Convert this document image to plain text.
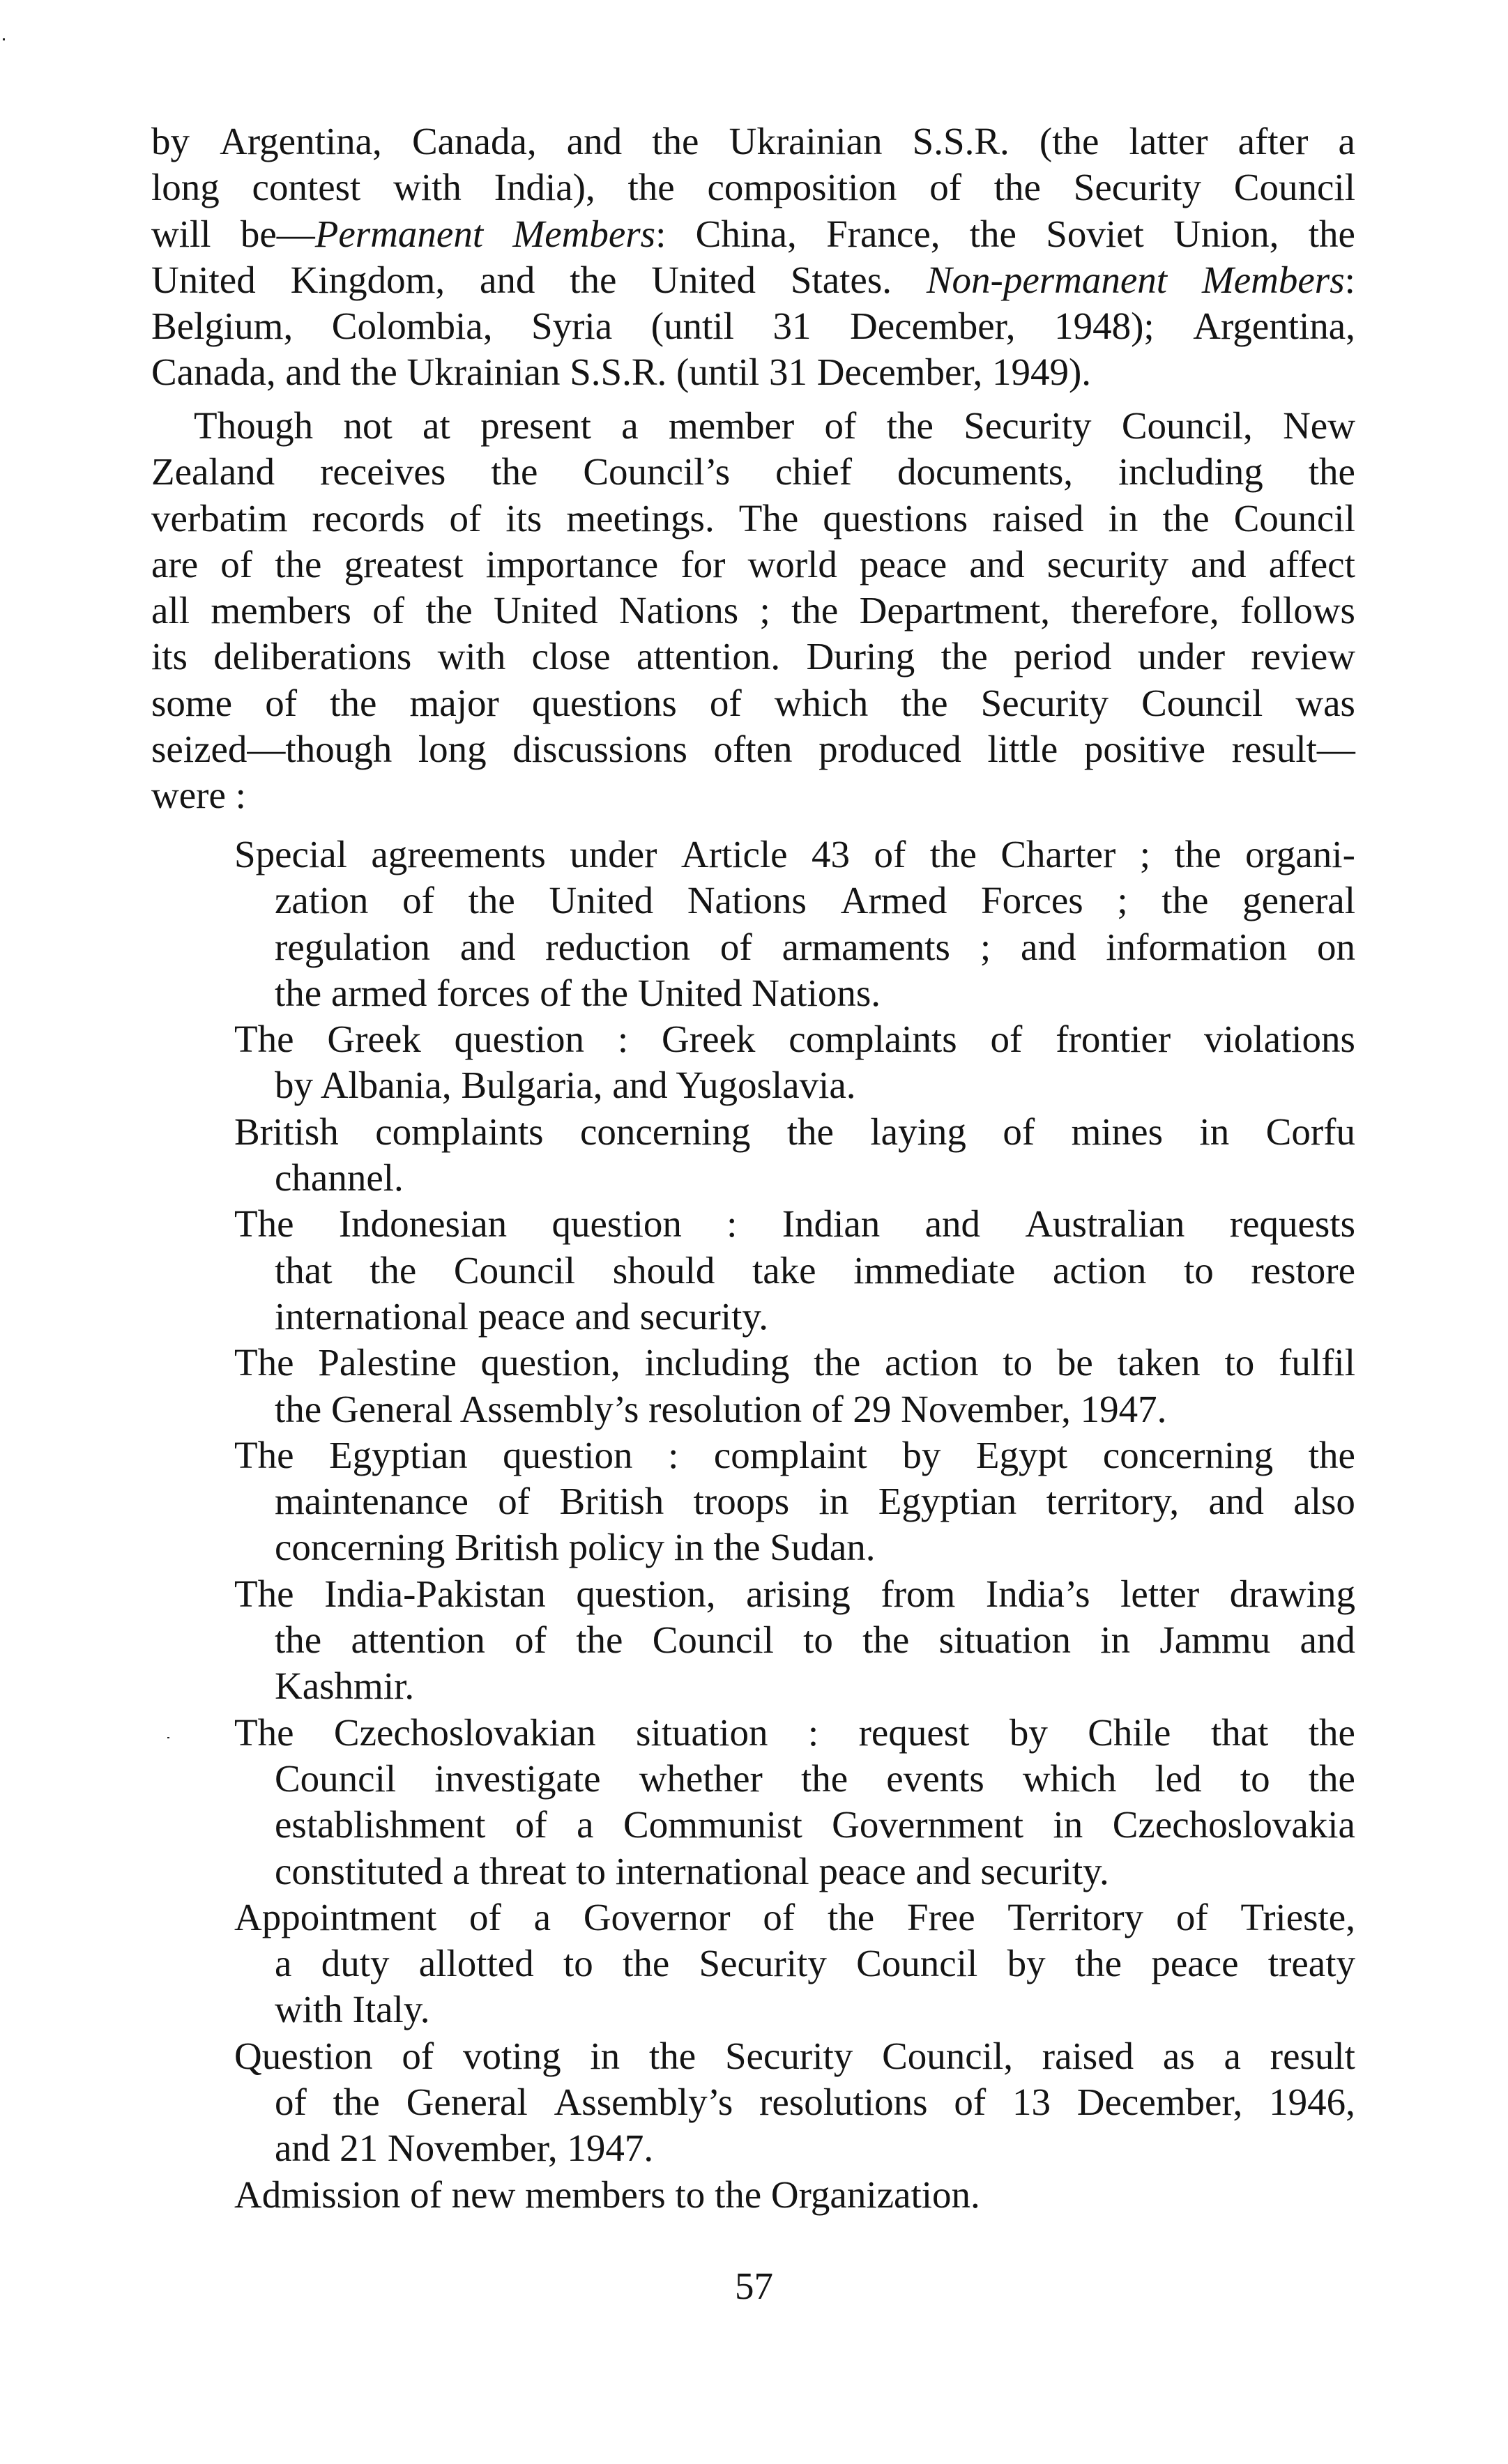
by Argentina, Canada, and the Ukrainian S.S.R. (the latter after a
long contest with India), the composition of the Security Council
will be—Permanent Members: China, France, the Soviet Union, the
United Kingdom, and the United States. Non-permanent Members:
Belgium, Colombia, Syria (until 31 December, 1948); Argentina,
Canada, and the Ukrainian S.S.R. (until 31 December, 1949).
Though not at present a member of the Security Council, New
Zealand receives the Council’s chief documents, including the
verbatim records of its meetings. The questions raised in the Council
are of the greatest importance for world peace and security and affect
all members of the United Nations ; the Department, therefore, follows
its deliberations with close attention. During the period under review
some of the major questions of which the Security Council was
seized—though long discussions often produced little positive result—
were :
Special agreements under Article 43 of the Charter ; the organi-
zation of the United Nations Armed Forces ; the general
regulation and reduction of armaments ; and information on
the armed forces of the United Nations.
The Greek question : Greek complaints of frontier violations
by Albania, Bulgaria, and Yugoslavia.
British complaints concerning the laying of mines in Corfu
channel.
The Indonesian question : Indian and Australian requests
that the Council should take immediate action to restore
international peace and security.
The Palestine question, including the action to be taken to fulfil
the General Assembly’s resolution of 29 November, 1947.
The Egyptian question : complaint by Egypt concerning the
maintenance of British troops in Egyptian territory, and also
concerning British policy in the Sudan.
The India-Pakistan question, arising from India’s letter drawing
the attention of the Council to the situation in Jammu and
Kashmir.
The Czechoslovakian situation : request by Chile that the
Council investigate whether the events which led to the
establishment of a Communist Government in Czechoslovakia
constituted a threat to international peace and security.
Appointment of a Governor of the Free Territory of Trieste,
a duty allotted to the Security Council by the peace treaty
with Italy.
Question of voting in the Security Council, raised as a result
of the General Assembly’s resolutions of 13 December, 1946,
and 21 November, 1947.
Admission of new members to the Organization.
57
